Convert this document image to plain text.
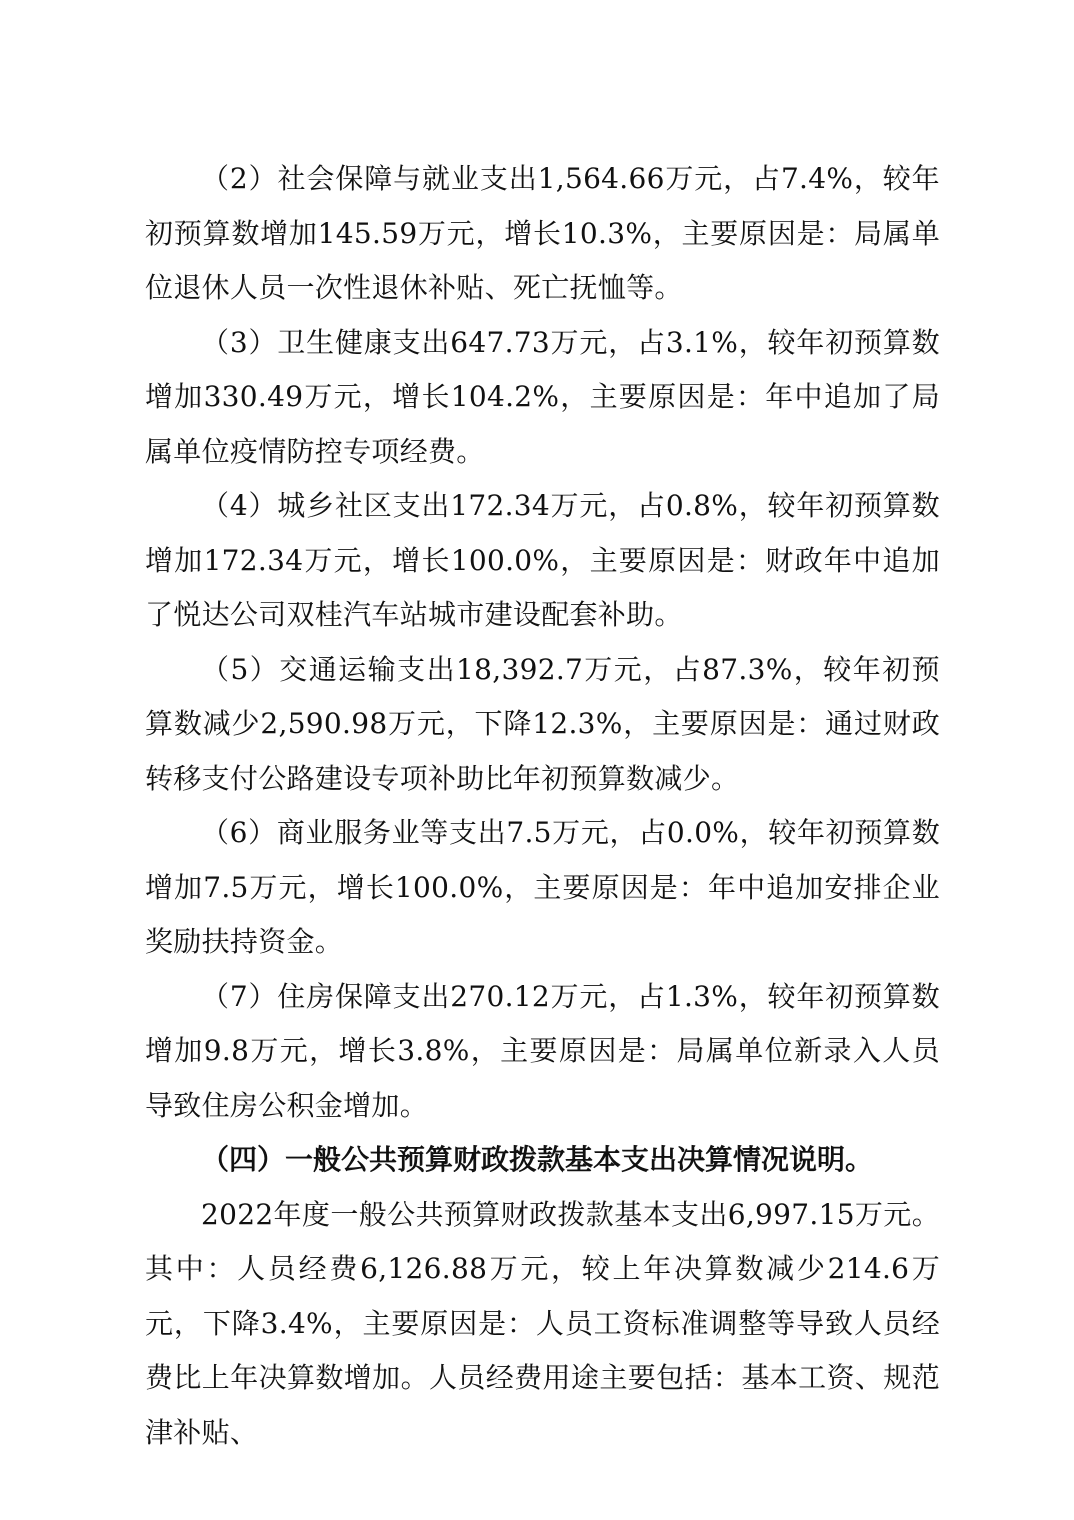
（2）社会保障与就业支出1,564.66万元，占7.4%，较年初预算数增加145.59万元，增长10.3%，主要原因是：局属单位退休人员一次性退休补贴、死亡抚恤等。

（3）卫生健康支出647.73万元，占3.1%，较年初预算数增加330.49万元，增长104.2%，主要原因是：年中追加了局属单位疫情防控专项经费。

（4）城乡社区支出172.34万元，占0.8%，较年初预算数增加172.34万元，增长100.0%，主要原因是：财政年中追加了悦达公司双桂汽车站城市建设配套补助。

（5）交通运输支出18,392.7万元，占87.3%，较年初预算数减少2,590.98万元，下降12.3%，主要原因是：通过财政转移支付公路建设专项补助比年初预算数减少。

（6）商业服务业等支出7.5万元，占0.0%，较年初预算数增加7.5万元，增长100.0%，主要原因是：年中追加安排企业奖励扶持资金。

（7）住房保障支出270.12万元，占1.3%，较年初预算数增加9.8万元，增长3.8%，主要原因是：局属单位新录入人员导致住房公积金增加。

（四）一般公共预算财政拨款基本支出决算情况说明。

2022年度一般公共预算财政拨款基本支出6,997.15万元。其中：人员经费6,126.88万元，较上年决算数减少214.6万元，下降3.4%，主要原因是：人员工资标准调整等导致人员经费比上年决算数增加。人员经费用途主要包括：基本工资、规范津补贴、
